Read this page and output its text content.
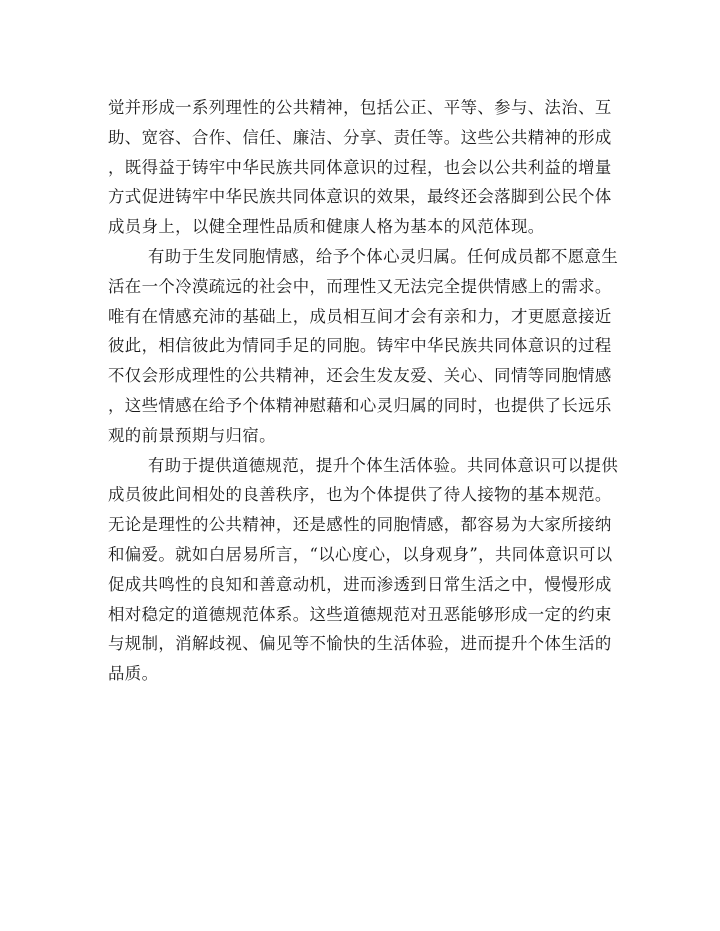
觉并形成一系列理性的公共精神，包括公正、平等、参与、法治、互
助、宽容、合作、信任、廉洁、分享、责任等。这些公共精神的形成
，既得益于铸牢中华民族共同体意识的过程，也会以公共利益的增量
方式促进铸牢中华民族共同体意识的效果，最终还会落脚到公民个体
成员身上，以健全理性品质和健康人格为基本的风范体现。
有助于生发同胞情感，给予个体心灵归属。任何成员都不愿意生
活在一个冷漠疏远的社会中，而理性又无法完全提供情感上的需求。
唯有在情感充沛的基础上，成员相互间才会有亲和力，才更愿意接近
彼此，相信彼此为情同手足的同胞。铸牢中华民族共同体意识的过程
不仅会形成理性的公共精神，还会生发友爱、关心、同情等同胞情感
，这些情感在给予个体精神慰藉和心灵归属的同时，也提供了长远乐
观的前景预期与归宿。
有助于提供道德规范，提升个体生活体验。共同体意识可以提供
成员彼此间相处的良善秩序，也为个体提供了待人接物的基本规范。
无论是理性的公共精神，还是感性的同胞情感，都容易为大家所接纳
和偏爱。就如白居易所言，“以心度心，以身观身”，共同体意识可以
促成共鸣性的良知和善意动机，进而渗透到日常生活之中，慢慢形成
相对稳定的道德规范体系。这些道德规范对丑恶能够形成一定的约束
与规制，消解歧视、偏见等不愉快的生活体验，进而提升个体生活的
品质。
